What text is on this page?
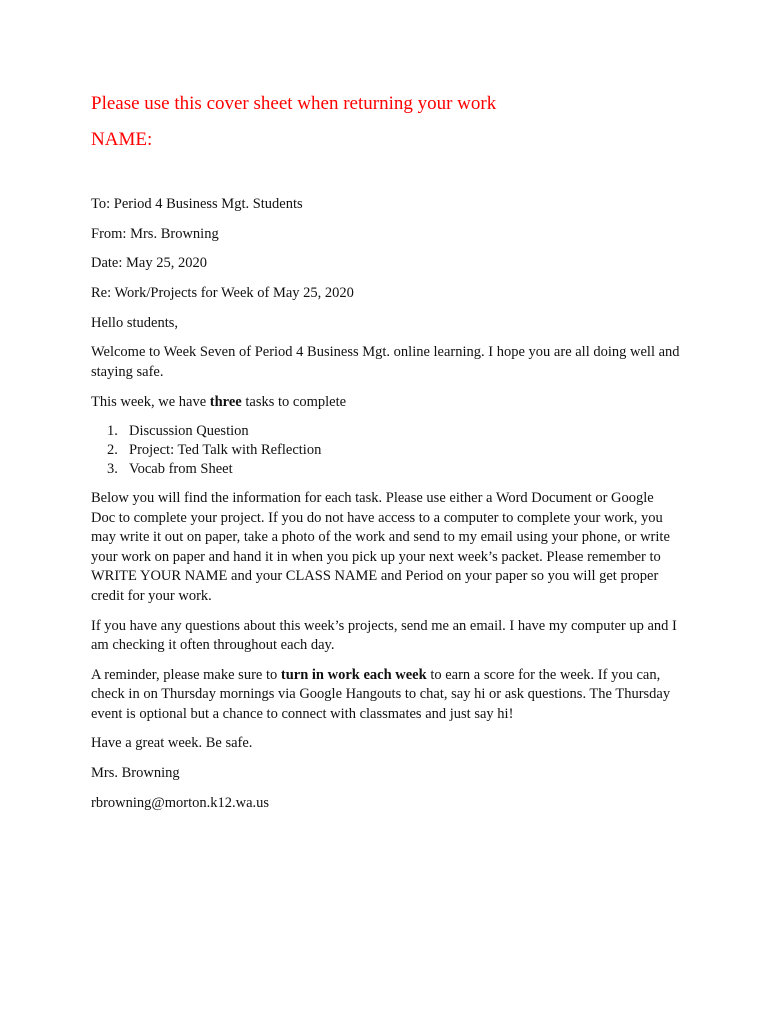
Please use this cover sheet when returning your work

NAME:

To: Period 4 Business Mgt. Students

From: Mrs. Browning

Date: May 25, 2020

Re: Work/Projects for Week of May 25, 2020

Hello students,

Welcome to Week Seven of Period 4 Business Mgt. online learning. I hope you are all doing well and staying safe.

This week, we have three tasks to complete

1. Discussion Question
2. Project: Ted Talk with Reflection
3. Vocab from Sheet

Below you will find the information for each task. Please use either a Word Document or Google Doc to complete your project. If you do not have access to a computer to complete your work, you may write it out on paper, take a photo of the work and send to my email using your phone, or write your work on paper and hand it in when you pick up your next week’s packet. Please remember to WRITE YOUR NAME and your CLASS NAME and Period on your paper so you will get proper credit for your work.

If you have any questions about this week’s projects, send me an email. I have my computer up and I am checking it often throughout each day.

A reminder, please make sure to turn in work each week to earn a score for the week. If you can, check in on Thursday mornings via Google Hangouts to chat, say hi or ask questions. The Thursday event is optional but a chance to connect with classmates and just say hi!

Have a great week. Be safe.

Mrs. Browning

rbrowning@morton.k12.wa.us
